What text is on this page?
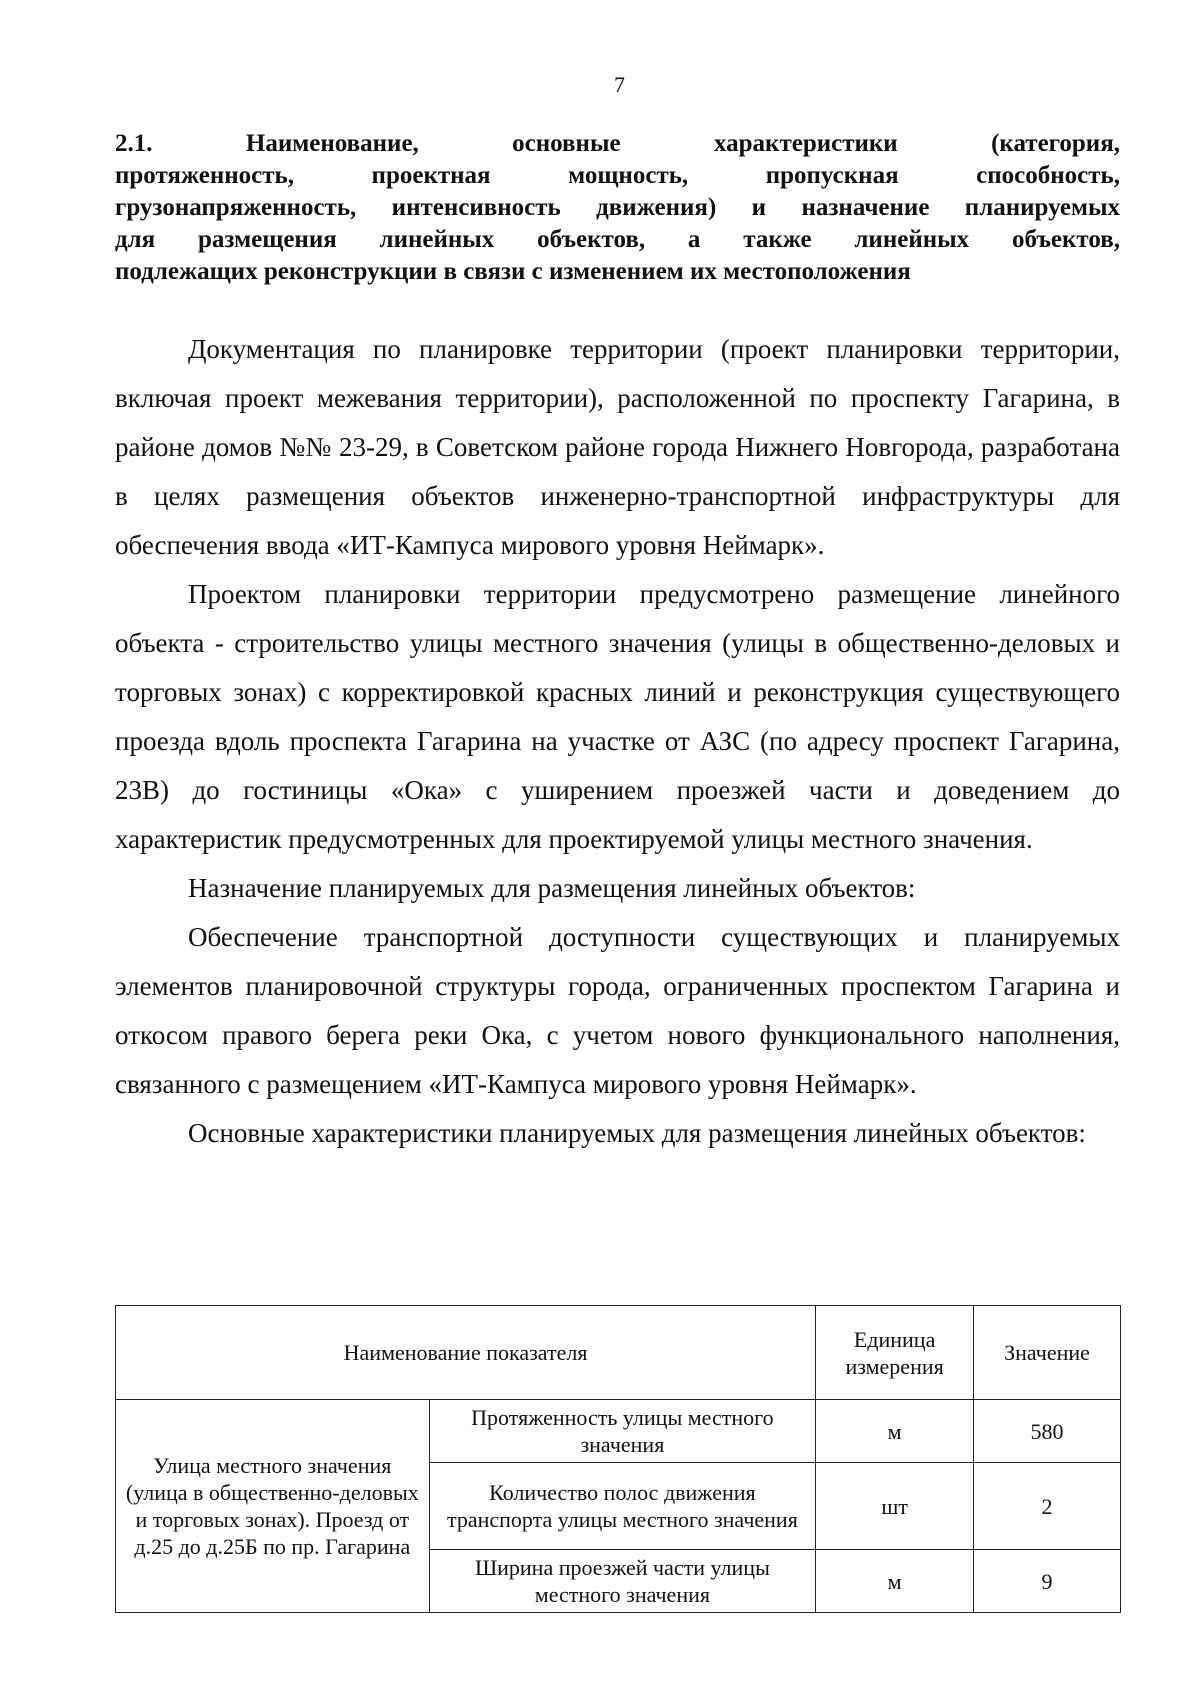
7
2.1. Наименование, основные характеристики (категория,
протяженность, проектная мощность, пропускная способность,
грузонапряженность, интенсивность движения) и назначение планируемых
для размещения линейных объектов, а также линейных объектов,
подлежащих реконструкции в связи с изменением их местоположения

Документация по планировке территории (проект планировки территории, включая проект межевания территории), расположенной по проспекту Гагарина, в районе домов №№ 23-29, в Советском районе города Нижнего Новгорода, разработана в целях размещения объектов инженерно-транспортной инфраструктуры для обеспечения ввода «ИТ-Кампуса мирового уровня Неймарк».

Проектом планировки территории предусмотрено размещение линейного объекта - строительство улицы местного значения (улицы в общественно-деловых и торговых зонах) с корректировкой красных линий и реконструкция существующего проезда вдоль проспекта Гагарина на участке от АЗС (по адресу проспект Гагарина, 23В) до гостиницы «Ока» с уширением проезжей части и доведением до характеристик предусмотренных для проектируемой улицы местного значения.

Назначение планируемых для размещения линейных объектов:

Обеспечение транспортной доступности существующих и планируемых элементов планировочной структуры города, ограниченных проспектом Гагарина и откосом правого берега реки Ока, с учетом нового функционального наполнения, связанного с размещением «ИТ-Кампуса мирового уровня Неймарк».

Основные характеристики планируемых для размещения линейных объектов:

Наименование показателя		Единица измерения	Значение
Улица местного значения (улица в общественно-деловых и торговых зонах). Проезд от д.25 до д.25Б по пр. Гагарина	Протяженность улицы местного значения	м	580
	Количество полос движения транспорта улицы местного значения	шт	2
	Ширина проезжей части улицы местного значения	м	9
